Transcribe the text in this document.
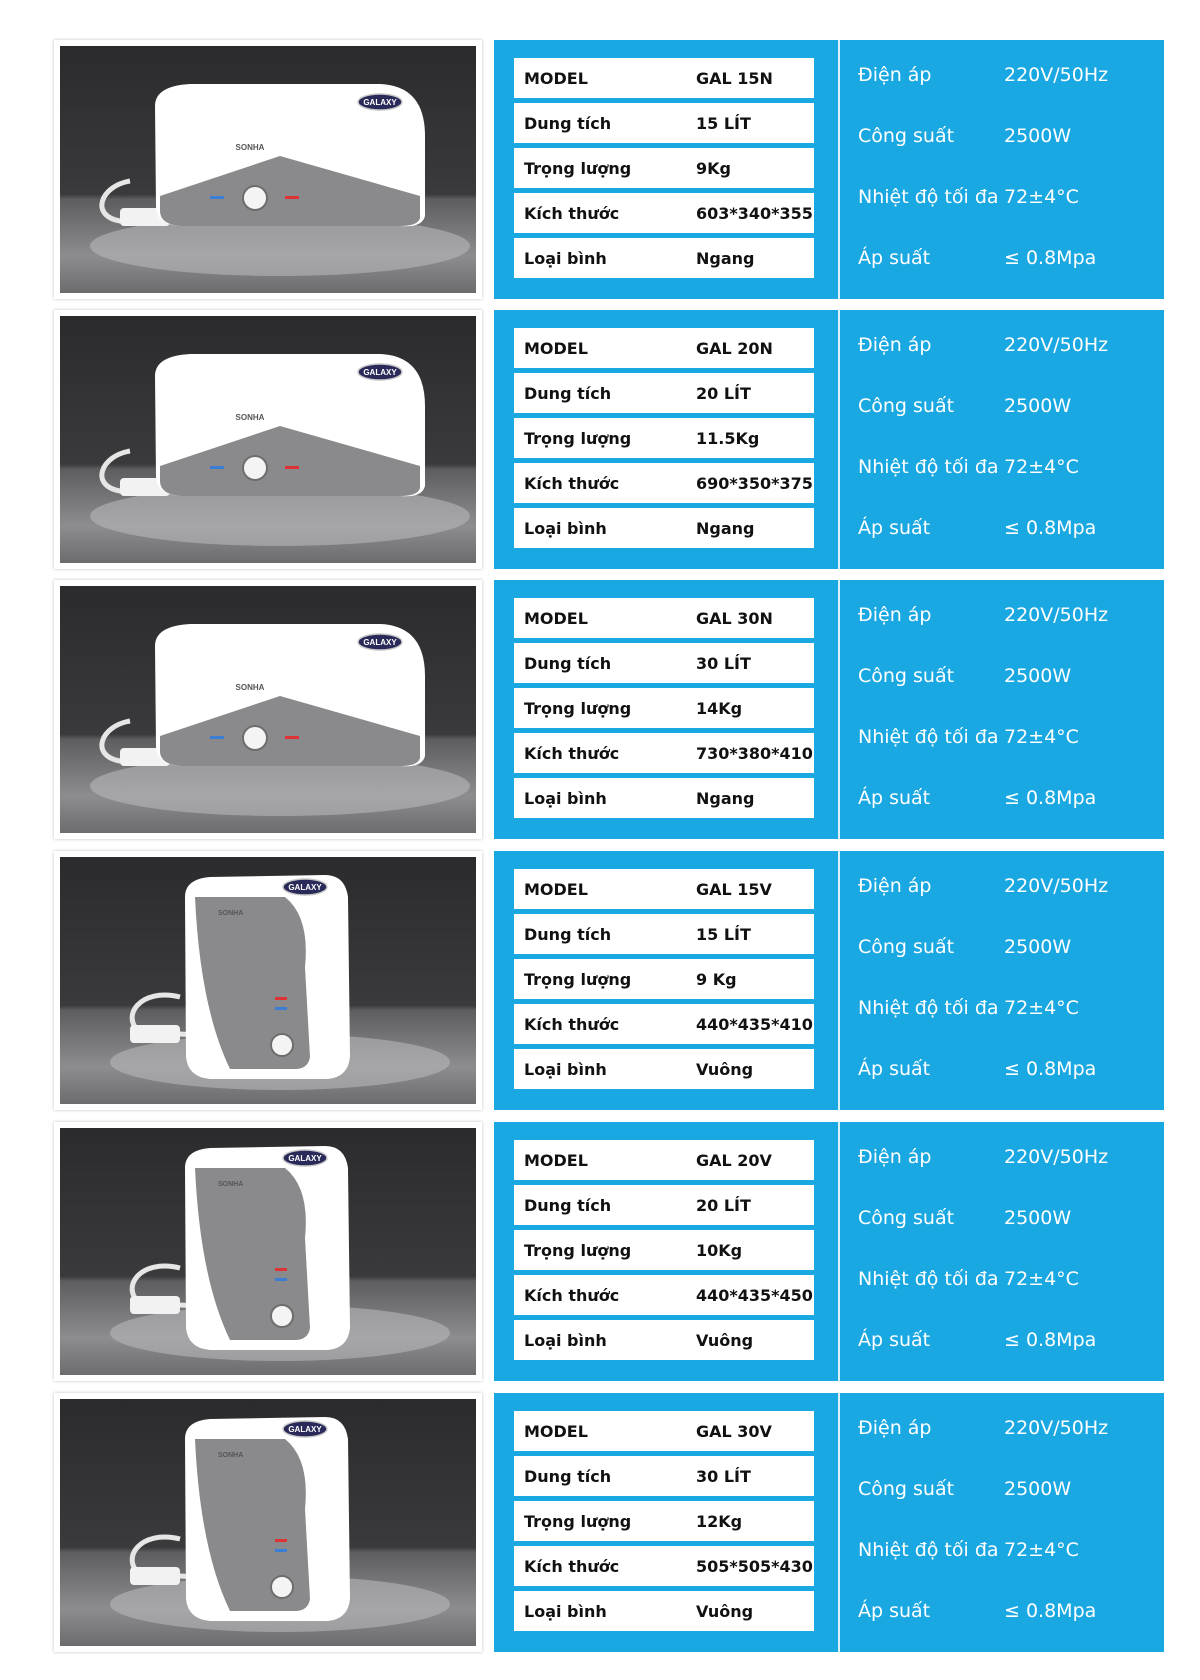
GALAXY
SONHA
MODEL	GAL 15N
Dung tích	15 LÍT
Trọng lượng	9Kg
Kích thước	603*340*355
Loại bình	Ngang
Điện áp	220V/50Hz
Công suất	2500W
Nhiệt độ tối đa 72±4°C
Áp suất	≤ 0.8Mpa
GALAXY
SONHA
MODEL	GAL 20N
Dung tích	20 LÍT
Trọng lượng	11.5Kg
Kích thước	690*350*375
Loại bình	Ngang
Điện áp	220V/50Hz
Công suất	2500W
Nhiệt độ tối đa 72±4°C
Áp suất	≤ 0.8Mpa
GALAXY
SONHA
MODEL	GAL 30N
Dung tích	30 LÍT
Trọng lượng	14Kg
Kích thước	730*380*410
Loại bình	Ngang
Điện áp	220V/50Hz
Công suất	2500W
Nhiệt độ tối đa 72±4°C
Áp suất	≤ 0.8Mpa
GALAXY
SONHA
MODEL	GAL 15V
Dung tích	15 LÍT
Trọng lượng	9 Kg
Kích thước	440*435*410
Loại bình	Vuông
Điện áp	220V/50Hz
Công suất	2500W
Nhiệt độ tối đa 72±4°C
Áp suất	≤ 0.8Mpa
GALAXY
SONHA
MODEL	GAL 20V
Dung tích	20 LÍT
Trọng lượng	10Kg
Kích thước	440*435*450
Loại bình	Vuông
Điện áp	220V/50Hz
Công suất	2500W
Nhiệt độ tối đa 72±4°C
Áp suất	≤ 0.8Mpa
GALAXY
SONHA
MODEL	GAL 30V
Dung tích	30 LÍT
Trọng lượng	12Kg
Kích thước	505*505*430
Loại bình	Vuông
Điện áp	220V/50Hz
Công suất	2500W
Nhiệt độ tối đa 72±4°C
Áp suất	≤ 0.8Mpa
